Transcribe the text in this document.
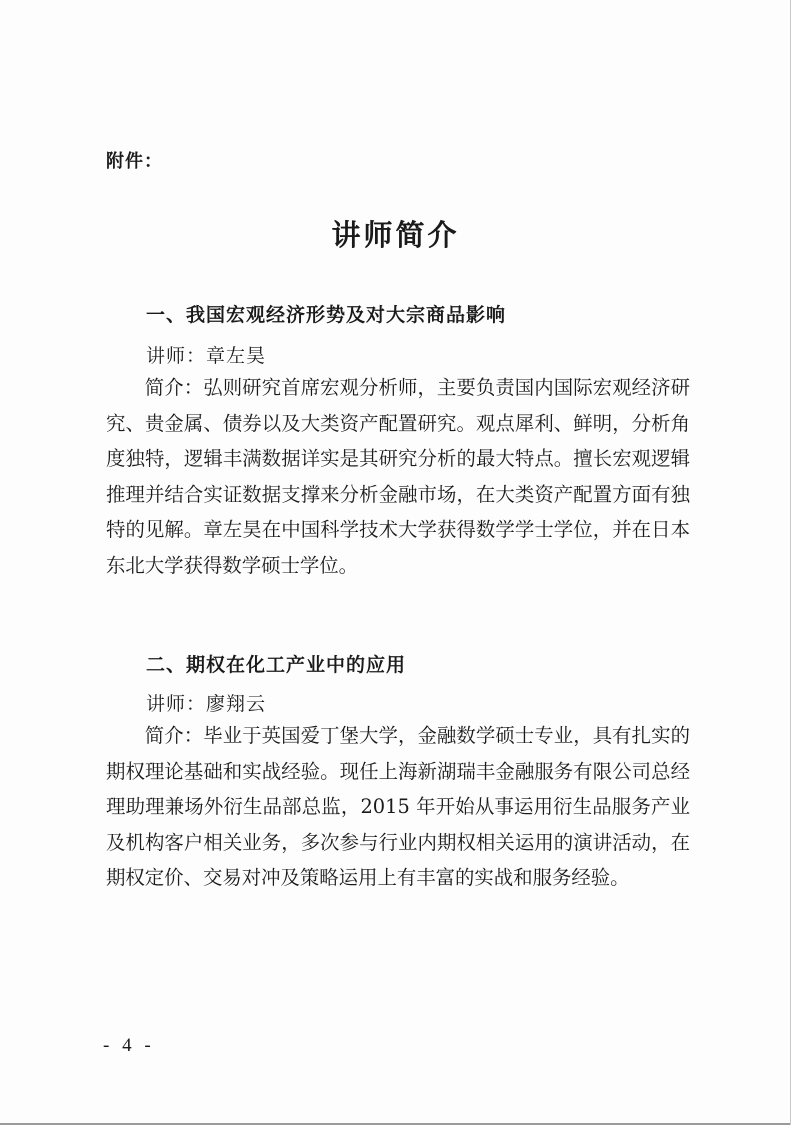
附件：
讲师简介
一、我国宏观经济形势及对大宗商品影响
讲师：章左昊

简介：弘则研究首席宏观分析师，主要负责国内国际宏观经济研究、贵金属、债券以及大类资产配置研究。观点犀利、鲜明，分析角度独特，逻辑丰满数据详实是其研究分析的最大特点。擅长宏观逻辑推理并结合实证数据支撑来分析金融市场，在大类资产配置方面有独特的见解。章左昊在中国科学技术大学获得数学学士学位，并在日本东北大学获得数学硕士学位。

二、期权在化工产业中的应用
讲师：廖翔云

简介：毕业于英国爱丁堡大学，金融数学硕士专业，具有扎实的期权理论基础和实战经验。现任上海新湖瑞丰金融服务有限公司总经理助理兼场外衍生品部总监，2015 年开始从事运用衍生品服务产业及机构客户相关业务，多次参与行业内期权相关运用的演讲活动，在期权定价、交易对冲及策略运用上有丰富的实战和服务经验。

- 4 -
